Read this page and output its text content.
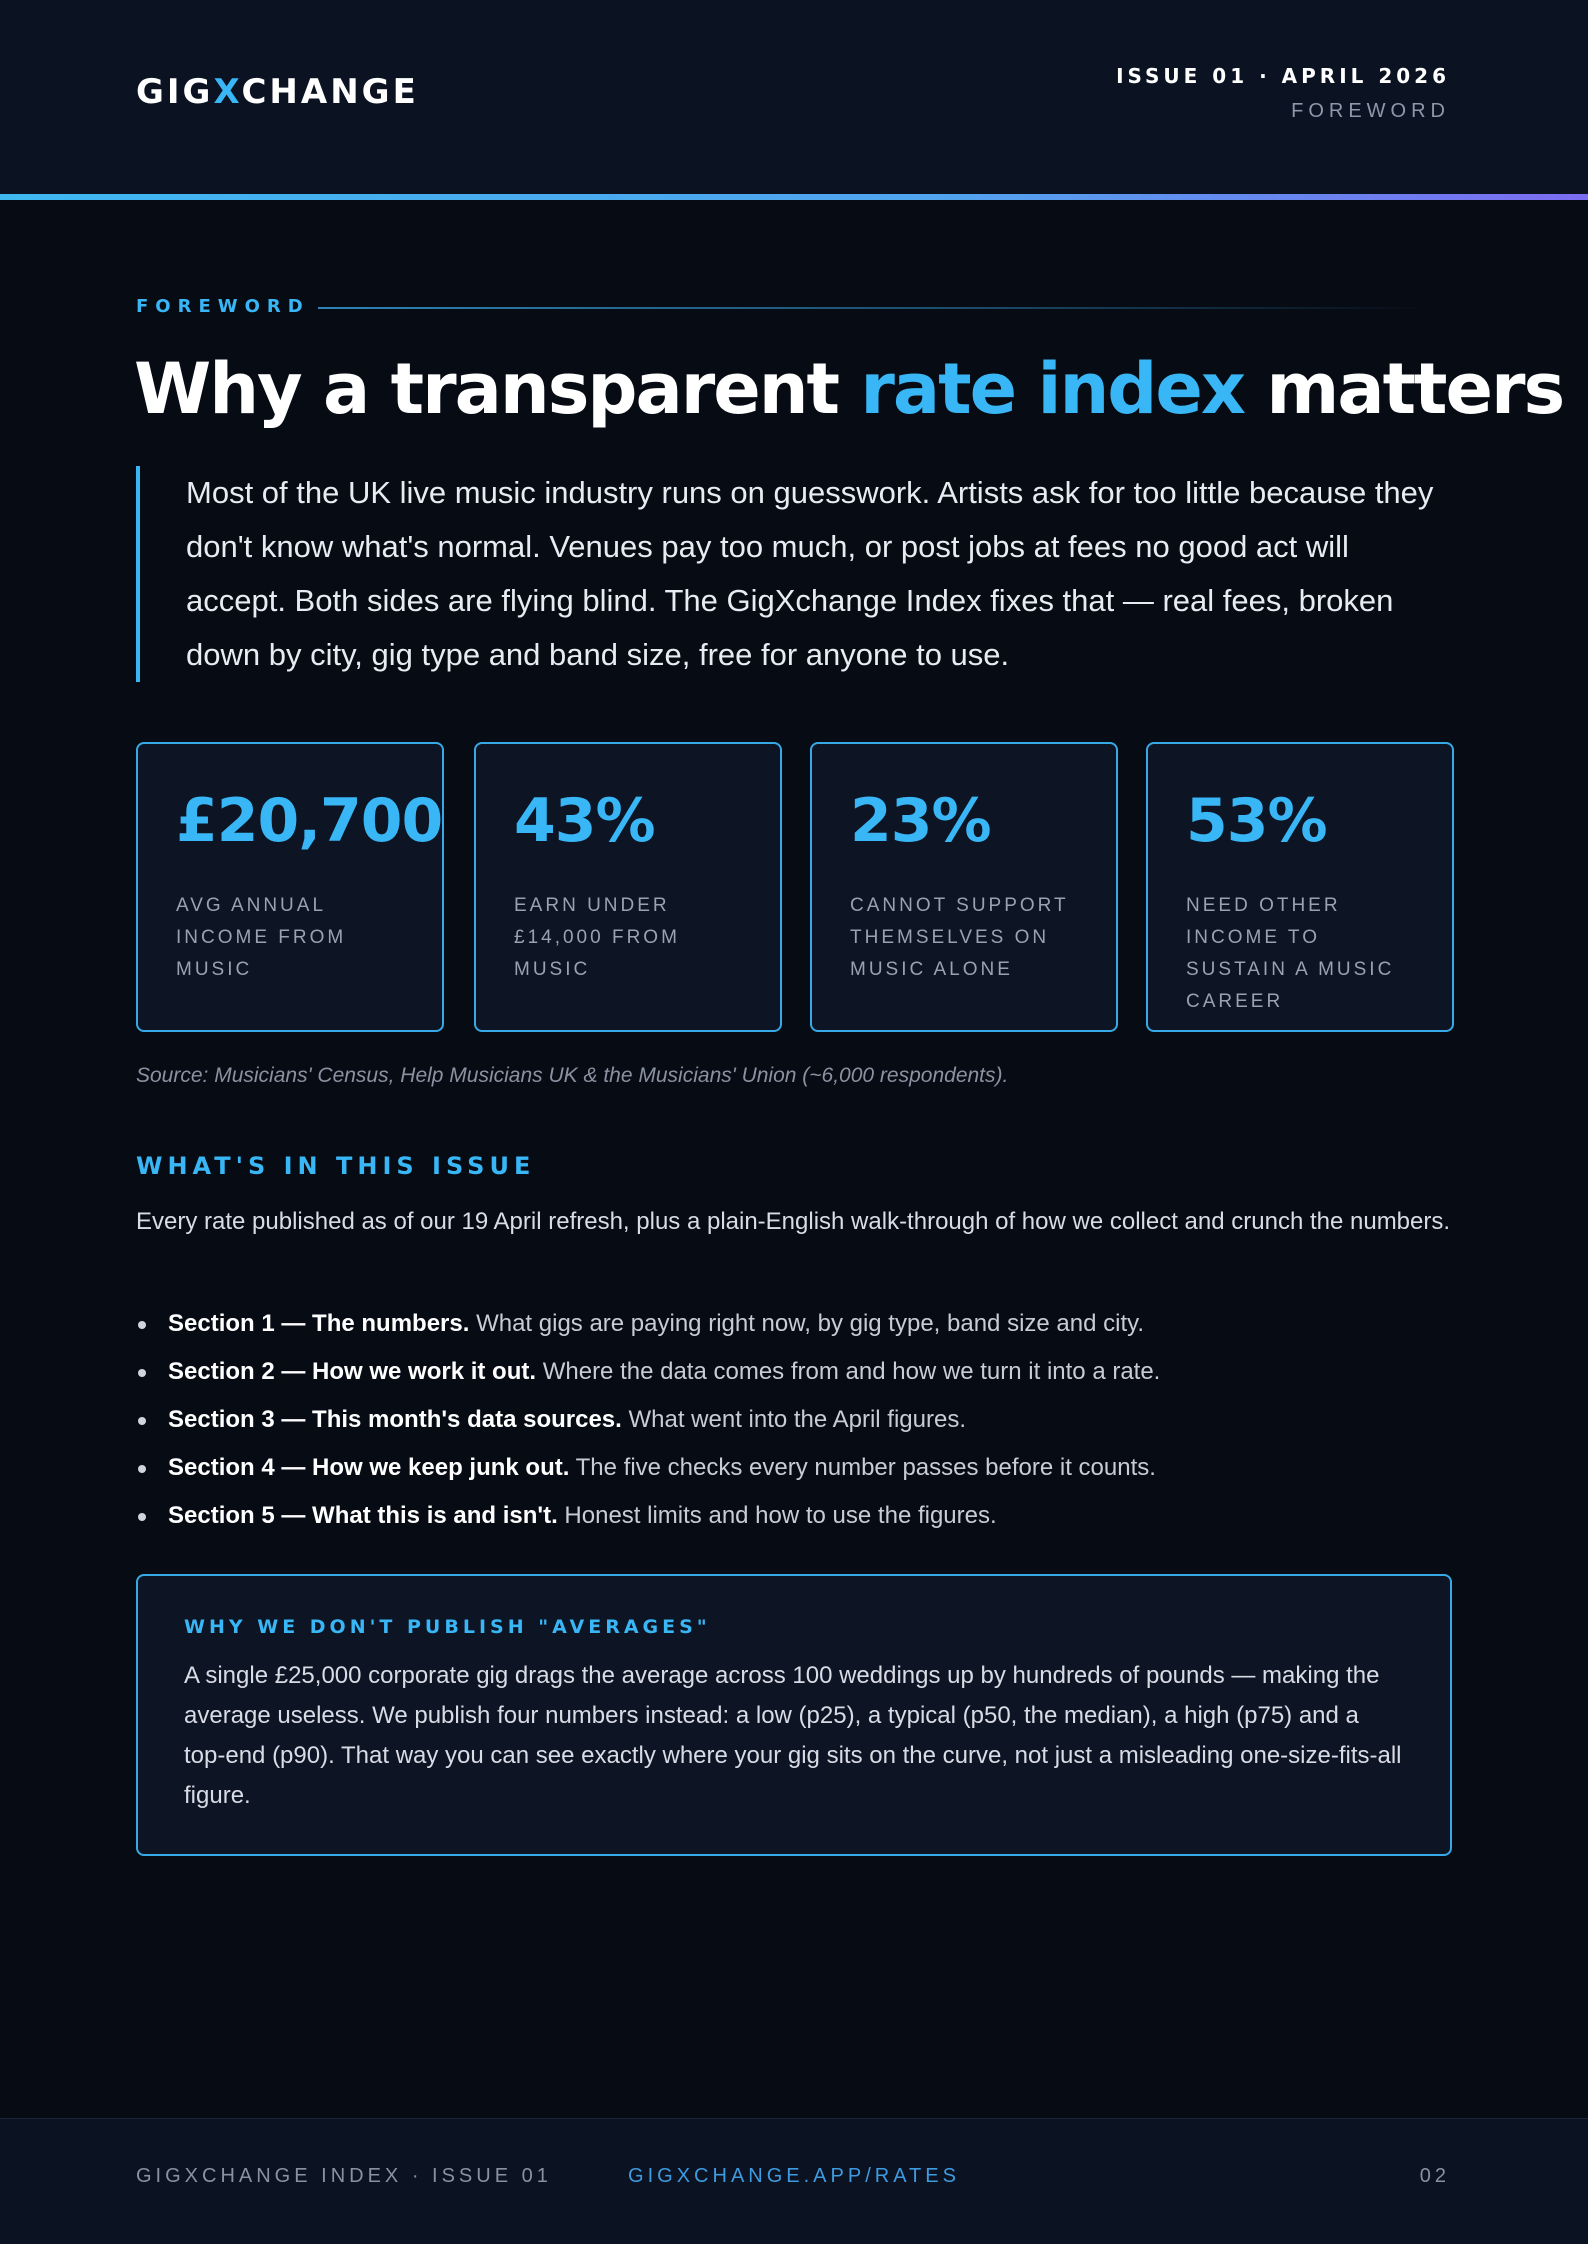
GIGXCHANGE	ISSUE 01 · APRIL 2026
FOREWORD
FOREWORD
Why a transparent rate index matters

Most of the UK live music industry runs on guesswork. Artists ask for too little because they don't know what's normal. Venues pay too much, or post jobs at fees no good act will accept. Both sides are flying blind. The GigXchange Index fixes that — real fees, broken down by city, gig type and band size, free for anyone to use.

£20,700
AVG ANNUAL INCOME FROM MUSIC
43%
EARN UNDER £14,000 FROM MUSIC
23%
CANNOT SUPPORT THEMSELVES ON MUSIC ALONE
53%
NEED OTHER INCOME TO SUSTAIN A MUSIC CAREER
Source: Musicians' Census, Help Musicians UK & the Musicians' Union (~6,000 respondents).
WHAT'S IN THIS ISSUE

Every rate published as of our 19 April refresh, plus a plain-English walk-through of how we collect and crunch the numbers.

Section 1 — The numbers. What gigs are paying right now, by gig type, band size and city.
Section 2 — How we work it out. Where the data comes from and how we turn it into a rate.
Section 3 — This month's data sources. What went into the April figures.
Section 4 — How we keep junk out. The five checks every number passes before it counts.
Section 5 — What this is and isn't. Honest limits and how to use the figures.
WHY WE DON'T PUBLISH "AVERAGES"
A single £25,000 corporate gig drags the average across 100 weddings up by hundreds of pounds — making the average useless. We publish four numbers instead: a low (p25), a typical (p50, the median), a high (p75) and a top-end (p90). That way you can see exactly where your gig sits on the curve, not just a misleading one-size-fits-all figure.
GIGXCHANGE INDEX · ISSUE 01	GIGXCHANGE.APP/RATES	02
